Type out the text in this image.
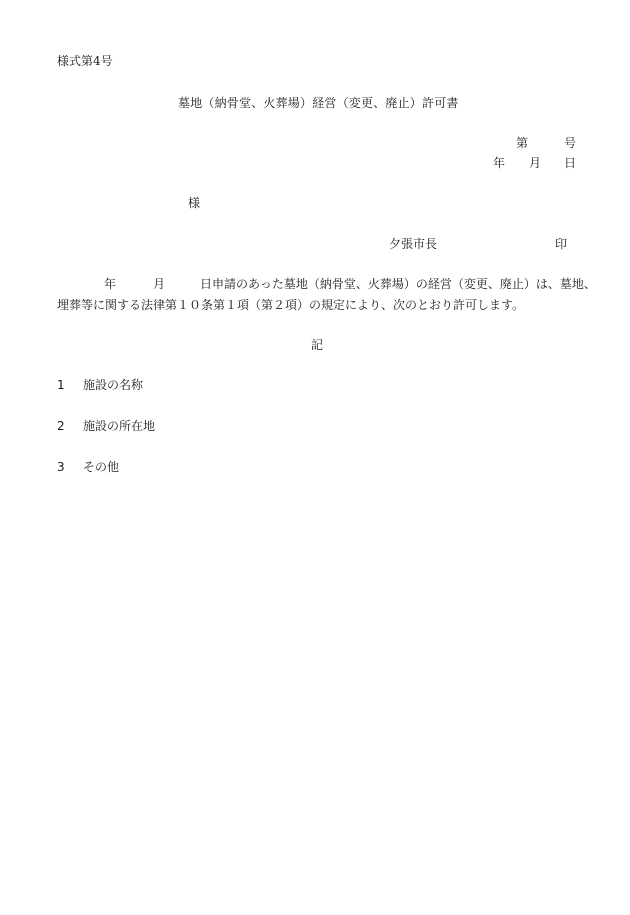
様式第4号
墓地（納骨堂、火葬場）経営（変更、廃止）許可書
第	号
年 月 日
様
夕張市長	印
年	月	日申請のあった墓地（納骨堂、火葬場）の経営（変更、廃止）は、墓地、
埋葬等に関する法律第１０条第１項（第２項）の規定により、次のとおり許可します。
記
1 施設の名称
2 施設の所在地
3 その他
